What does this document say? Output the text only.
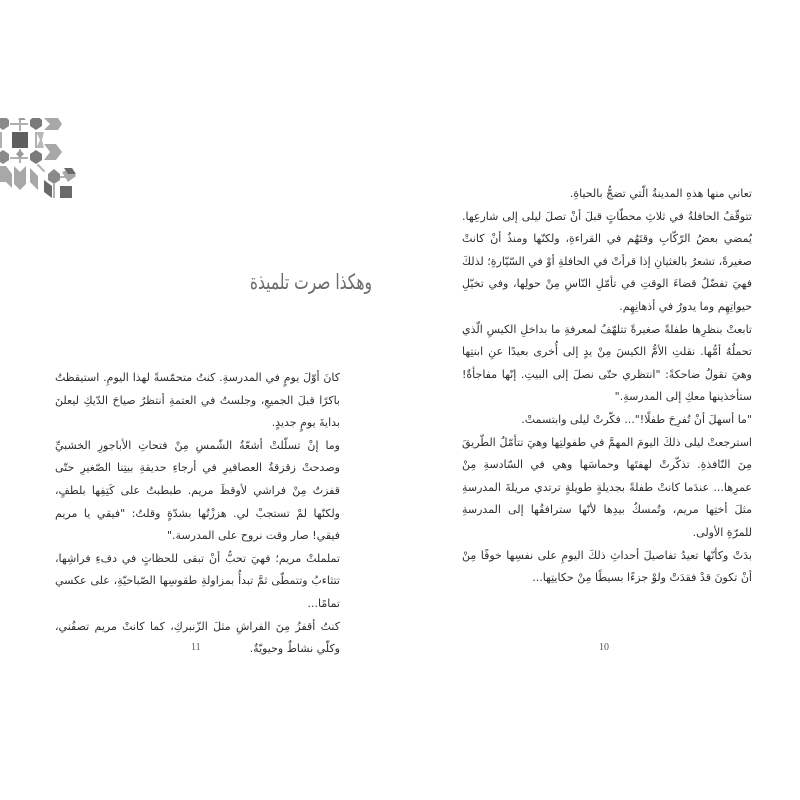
وهكذا صرت تلميذة

كانَ أوّلَ يومٍ في المدرسةِ. كنتُ متحمّسةً لهذا اليومِ. استيقظتُ باكرًا قبلَ الجميعِ، وجلستُ في العتمةِ أنتظرُ صياحَ الدّيكِ ليعلنَ بدايةَ يومٍ جديدٍ.

وما إنْ تسلّلتْ أشعّةُ الشّمسِ مِنْ فتحاتِ الأباجورِ الخشبيِّ وصدحتْ زقزقةُ العصافيرِ في أرجاءِ حديقةِ بيتِنا الصّغيرِ حتّى قفزتُ مِنْ فراشي لأوقظَ مريم. طبطبتُ على كَتِفِها بلطفٍ، ولكنّها لمْ تستجبْ لي. هززْتُها بشدّةٍ وقلتُ: "فيقي يا مريم فيقي! صار وقت نروح على المدرسة."

تململتْ مريم؛ فهيَ تحبُّ أنْ تبقى للحظاتٍ في دفءِ فراشِها، تتثاءبُ وتتمطّى ثمَّ تبدأُ بمزاولةِ طقوسِها الصّباحيّةِ، على عكسي تمامًا...

كنتُ أقفزُ مِنَ الفراشِ مثلَ الزّنبركِ، كما كانتْ مريم تصفُني، وكلّي نشاطٌ وحيويّةٌ.

11

تعاني منها هذهِ المدينةُ الّتي تضجُّ بالحياةِ.

تتوقّفُ الحافلةُ في ثلاثِ محطّاتٍ قبلَ أنْ تصلَ ليلى إلى شارعِها. يُمضي بعضُ الرّكّابِ وقتَهُم في القراءةِ، ولكنّها ومنذُ أنْ كانتْ صغيرةً، تشعرُ بالغثيانِ إذا قرأتْ في الحافلةِ أوْ في السّيّارةِ؛ لذلكَ فهيَ تفضّلُ قضاءَ الوقتِ في تأمّلِ النّاسِ مِنْ حولِها، وفي تخيّلِ حيواتِهِم وما يدورُ في أذهانِهِم.

تابعتْ بنظرِها طفلةً صغيرةً تتلهّفُ لمعرفةِ ما بداخلِ الكيسِ الّذي تحملُهُ أمُّها. نقلتِ الأمُّ الكيسَ مِنْ يدٍ إلى أُخرى بعيدًا عنِ ابنتِها وهيَ تقولُ ضاحكةً: "انتظري حتّى نصلَ إلى البيتِ. إنّها مفاجأةٌ! ستأخذينها معكِ إلى المدرسةِ."

"ما أسهلَ أنْ تُفرِحَ طفلًا!"... فكّرتْ ليلى وابتسمتْ.

استرجعتْ ليلى ذلكَ اليومَ المهمَّ في طفولتِها وهيَ تتأمّلُ الطّريقَ مِنَ النّافذةِ. تذكّرتْ لهفتَها وحماسَها وهي في السّادسةِ مِنْ عمرِها... عندَما كانتْ طفلةً بجديلةٍ طويلةٍ ترتدي مريلةَ المدرسةِ مثلَ أختِها مريم، وتُمسكُ بيدِها لأنّها سترافقُها إلى المدرسةِ للمرّةِ الأولى.

بدَتْ وكأنّها تعيدُ تفاصيلَ أحداثِ ذلكَ اليومِ على نفسِها خوفًا مِنْ أنْ تكونَ قدْ فقدَتْ ولوْ جزءًا بسيطًا مِنْ حكايتِها...

10
